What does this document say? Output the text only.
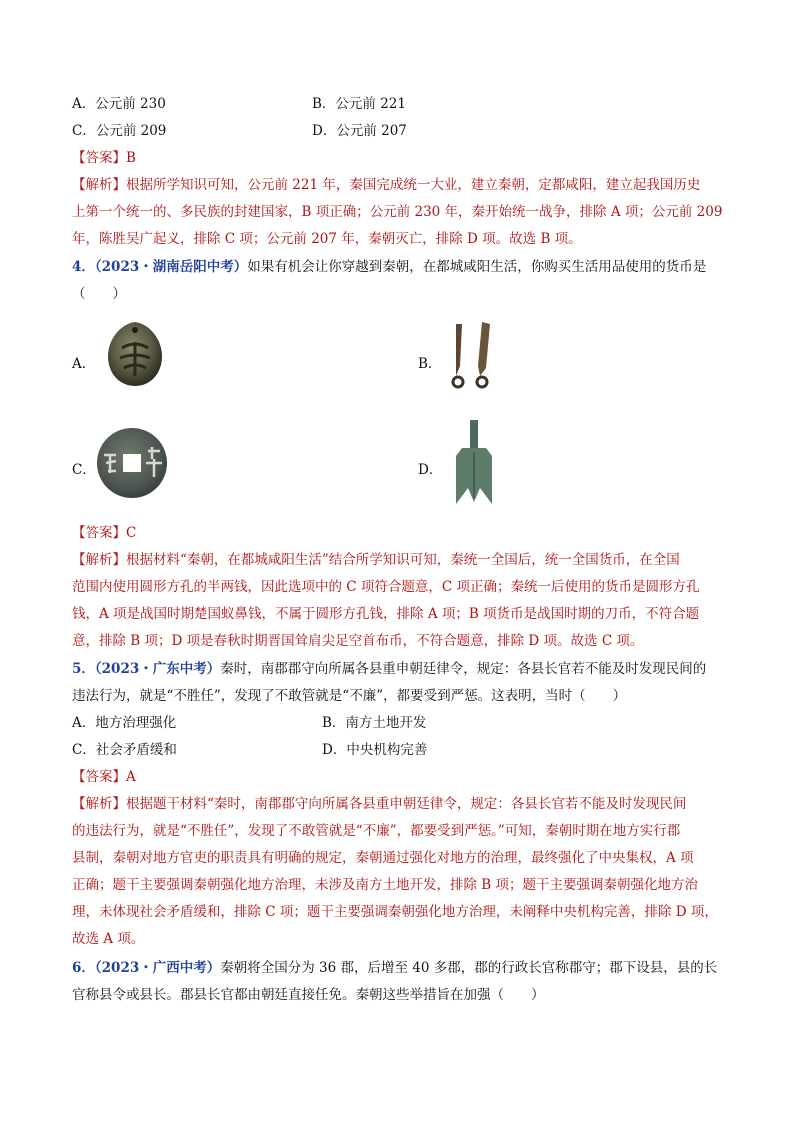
A．公元前 230	B．公元前 221
C．公元前 209	D．公元前 207
【答案】B
【解析】根据所学知识可知，公元前 221 年，秦国完成统一大业，建立秦朝，定都咸阳，建立起我国历史
上第一个统一的、多民族的封建国家，B 项正确；公元前 230 年，秦开始统一战争，排除 A 项；公元前 209
年，陈胜吴广起义，排除 C 项；公元前 207 年，秦朝灭亡，排除 D 项。故选 B 项。
4．（2023・湖南岳阳中考）如果有机会让你穿越到秦朝，在都城咸阳生活，你购买生活用品使用的货币是
（　　）
A．	B．
C．	D．
【答案】C
【解析】根据材料“秦朝，在都城咸阳生活”结合所学知识可知，秦统一全国后，统一全国货币，在全国
范围内使用圆形方孔的半两钱，因此选项中的 C 项符合题意，C 项正确；秦统一后使用的货币是圆形方孔
钱，A 项是战国时期楚国蚁鼻钱，不属于圆形方孔钱，排除 A 项；B 项货币是战国时期的刀币，不符合题
意，排除 B 项；D 项是春秋时期晋国耸肩尖足空首布币，不符合题意，排除 D 项。故选 C 项。
5．（2023・广东中考）秦时，南郡郡守向所属各县重申朝廷律令，规定：各县长官若不能及时发现民间的
违法行为，就是“不胜任”，发现了不敢管就是“不廉”，都要受到严惩。这表明，当时（　　）
A．地方治理强化	B．南方土地开发
C．社会矛盾缓和	D．中央机构完善
【答案】A
【解析】根据题干材料“秦时，南郡郡守向所属各县重申朝廷律令，规定：各县长官若不能及时发现民间
的违法行为，就是“不胜任”，发现了不敢管就是“不廉”，都要受到严惩。”可知，秦朝时期在地方实行郡
县制，秦朝对地方官吏的职责具有明确的规定，秦朝通过强化对地方的治理，最终强化了中央集权，A 项
正确；题干主要强调秦朝强化地方治理，未涉及南方土地开发，排除 B 项；题干主要强调秦朝强化地方治
理，未体现社会矛盾缓和，排除 C 项；题干主要强调秦朝强化地方治理，未阐释中央机构完善，排除 D 项，
故选 A 项。
6．（2023・广西中考）秦朝将全国分为 36 郡，后增至 40 多郡，郡的行政长官称郡守；郡下设县，县的长
官称县令或县长。郡县长官都由朝廷直接任免。秦朝这些举措旨在加强（　　）
